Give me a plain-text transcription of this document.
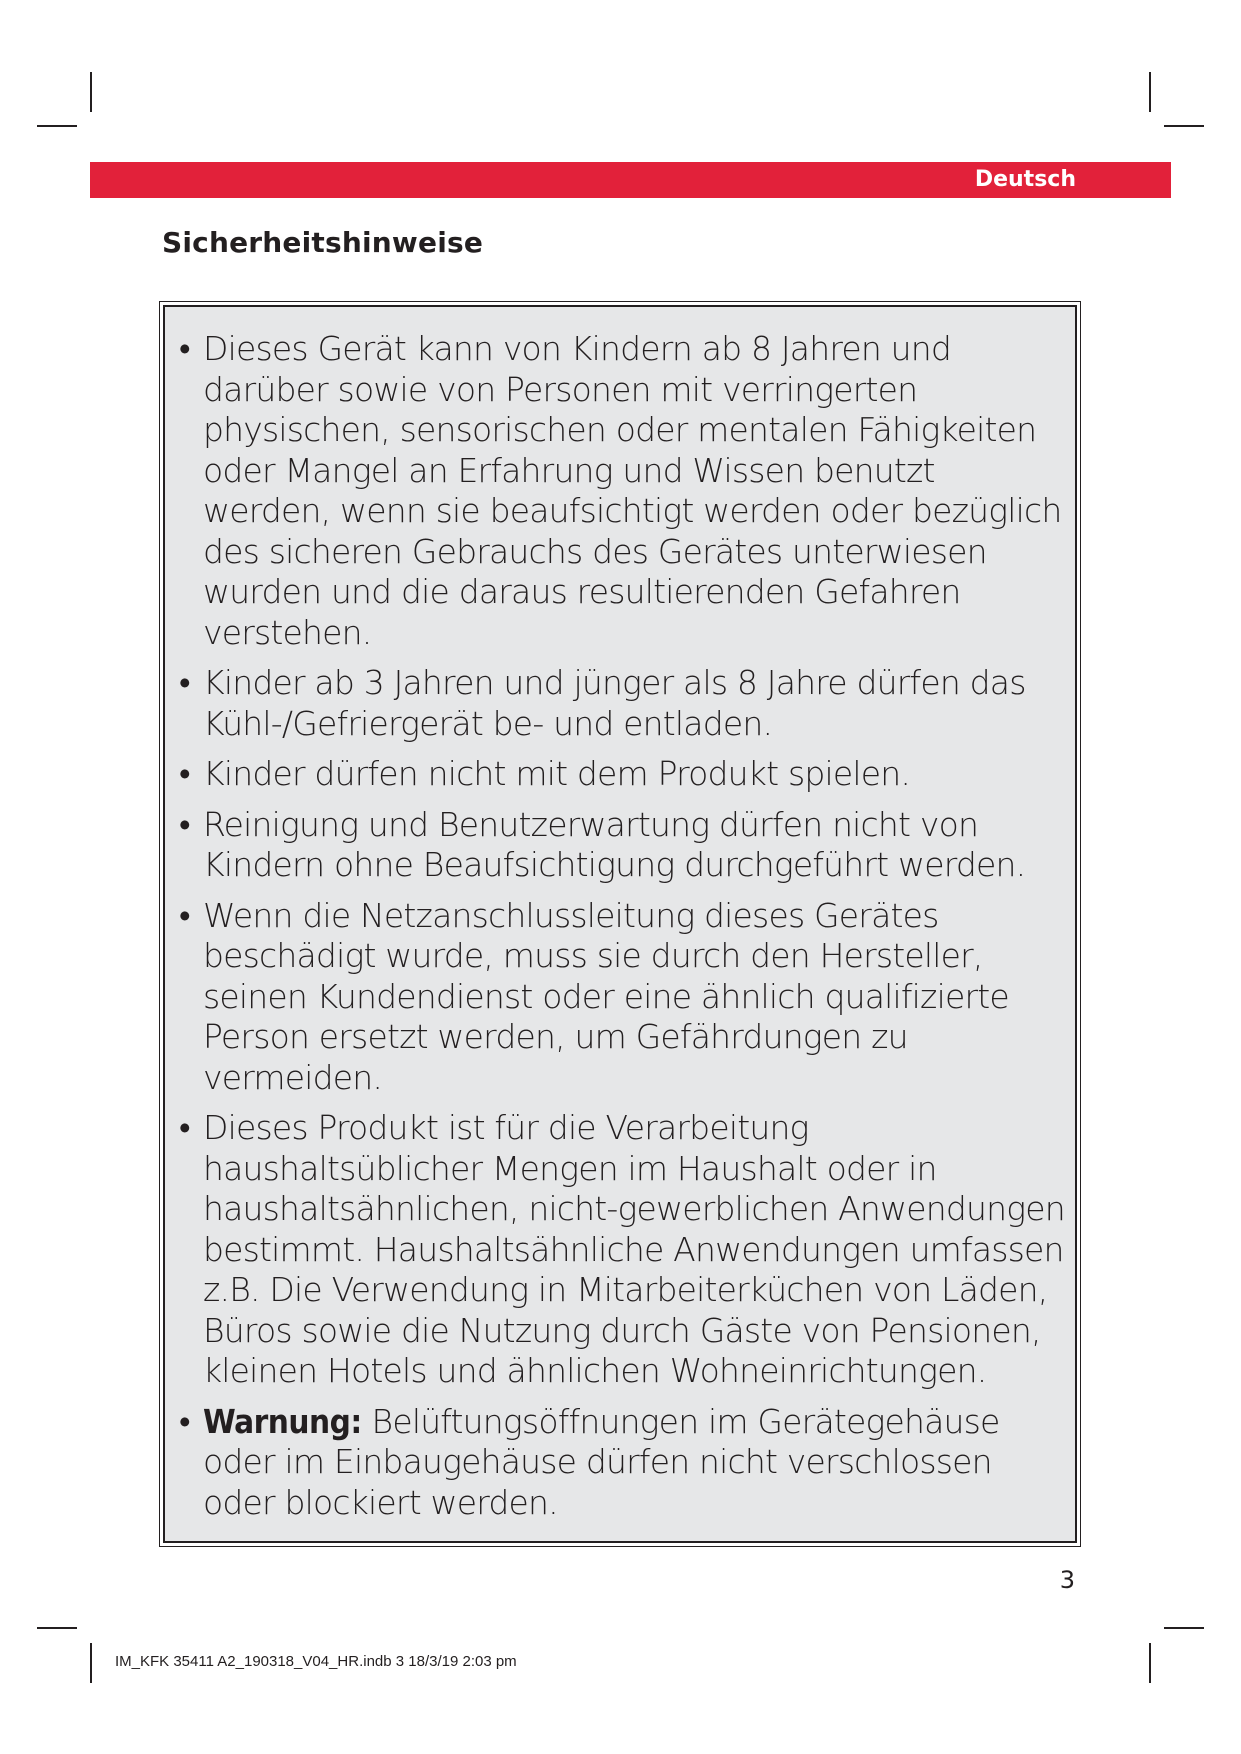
Deutsch
Sicherheitshinweise
• Dieses Gerät kann von Kindern ab 8 Jahren und darüber sowie von Personen mit verringerten physischen, sensorischen oder mentalen Fähigkeiten oder Mangel an Erfahrung und Wissen benutzt werden, wenn sie beaufsichtigt werden oder bezüglich des sicheren Gebrauchs des Gerätes unterwiesen wurden und die daraus resultierenden Gefahren verstehen.
• Kinder ab 3 Jahren und jünger als 8 Jahre dürfen das Kühl-/Gefriergerät be- und entladen.
• Kinder dürfen nicht mit dem Produkt spielen.
• Reinigung und Benutzerwartung dürfen nicht von Kindern ohne Beaufsichtigung durchgeführt werden.
• Wenn die Netzanschlussleitung dieses Gerätes beschädigt wurde, muss sie durch den Hersteller, seinen Kundendienst oder eine ähnlich qualifizierte Person ersetzt werden, um Gefährdungen zu vermeiden.
• Dieses Produkt ist für die Verarbeitung haushaltsüblicher Mengen im Haushalt oder in haushaltsähnlichen, nicht-gewerblichen Anwendungen bestimmt. Haushaltsähnliche Anwendungen umfassen z.B. Die Verwendung in Mitarbeiterküchen von Läden, Büros sowie die Nutzung durch Gäste von Pensionen, kleinen Hotels und ähnlichen Wohneinrichtungen.
• Warnung: Belüftungsöffnungen im Gerätegehäuse oder im Einbaugehäuse dürfen nicht verschlossen oder blockiert werden.
3
IM_KFK 35411 A2_190318_V04_HR.indb 3 18/3/19 2:03 pm
